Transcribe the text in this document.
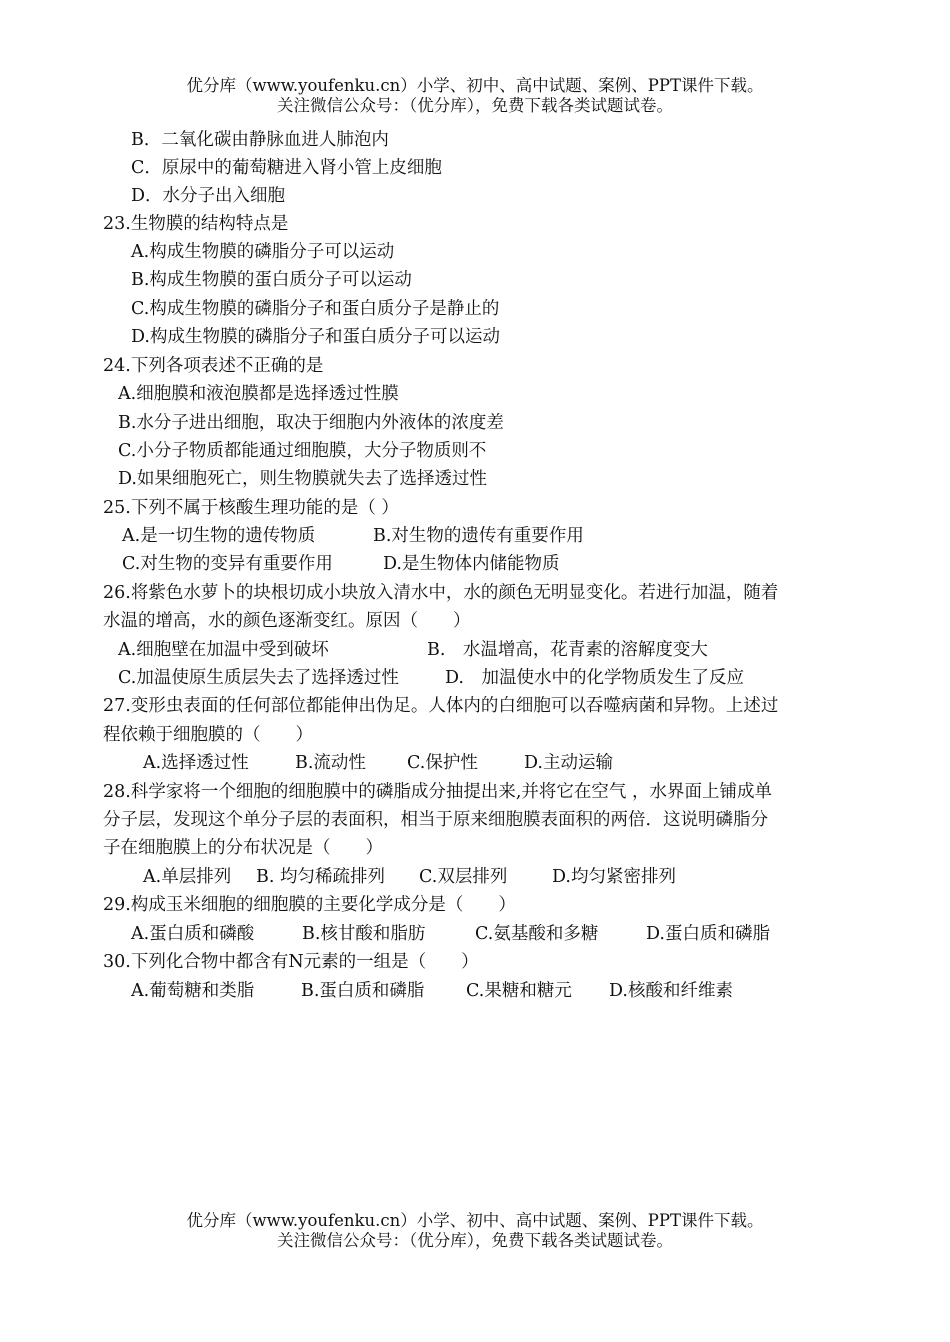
优分库（www.youfenku.cn）小学、初中、高中试题、案例、PPT课件下载。
关注微信公众号：（优分库），免费下载各类试题试卷。
B．二氧化碳由静脉血进人肺泡内
C．原尿中的葡萄糖进入肾小管上皮细胞
D．水分子出入细胞
23.生物膜的结构特点是
A.构成生物膜的磷脂分子可以运动
B.构成生物膜的蛋白质分子可以运动
C.构成生物膜的磷脂分子和蛋白质分子是静止的
D.构成生物膜的磷脂分子和蛋白质分子可以运动
24.下列各项表述不正确的是
A.细胞膜和液泡膜都是选择透过性膜
B.水分子进出细胞，取决于细胞内外液体的浓度差
C.小分子物质都能通过细胞膜，大分子物质则不
D.如果细胞死亡，则生物膜就失去了选择透过性
25.下列不属于核酸生理功能的是（ ）
A.是一切生物的遗传物质	B.对生物的遗传有重要作用
C.对生物的变异有重要作用	D.是生物体内储能物质
26.将紫色水萝卜的块根切成小块放入清水中，水的颜色无明显变化。若进行加温，随着
水温的增高，水的颜色逐渐变红。原因（　　）
A.细胞壁在加温中受到破坏	B.　水温增高，花青素的溶解度变大
C.加温使原生质层失去了选择透过性	D.　加温使水中的化学物质发生了反应
27.变形虫表面的任何部位都能伸出伪足。人体内的白细胞可以吞噬病菌和异物。上述过
程依赖于细胞膜的（　　）
A.选择透过性	B.流动性 C.保护性	D.主动运输
28.科学家将一个细胞的细胞膜中的磷脂成分抽提出来,并将它在空气 ，水界面上铺成单
分子层，发现这个单分子层的表面积，相当于原来细胞膜表面积的两倍．这说明磷脂分
子在细胞膜上的分布状况是（　　）
A.单层排列 B. 均匀稀疏排列 C.双层排列	D.均匀紧密排列
29.构成玉米细胞的细胞膜的主要化学成分是（　　）
A.蛋白质和磷酸	B.核甘酸和脂肪	C.氨基酸和多糖	D.蛋白质和磷脂
30.下列化合物中都含有N元素的一组是（　　）
A.葡萄糖和类脂	B.蛋白质和磷脂 C.果糖和糖元 D.核酸和纤维素
优分库（www.youfenku.cn）小学、初中、高中试题、案例、PPT课件下载。
关注微信公众号：（优分库），免费下载各类试题试卷。
